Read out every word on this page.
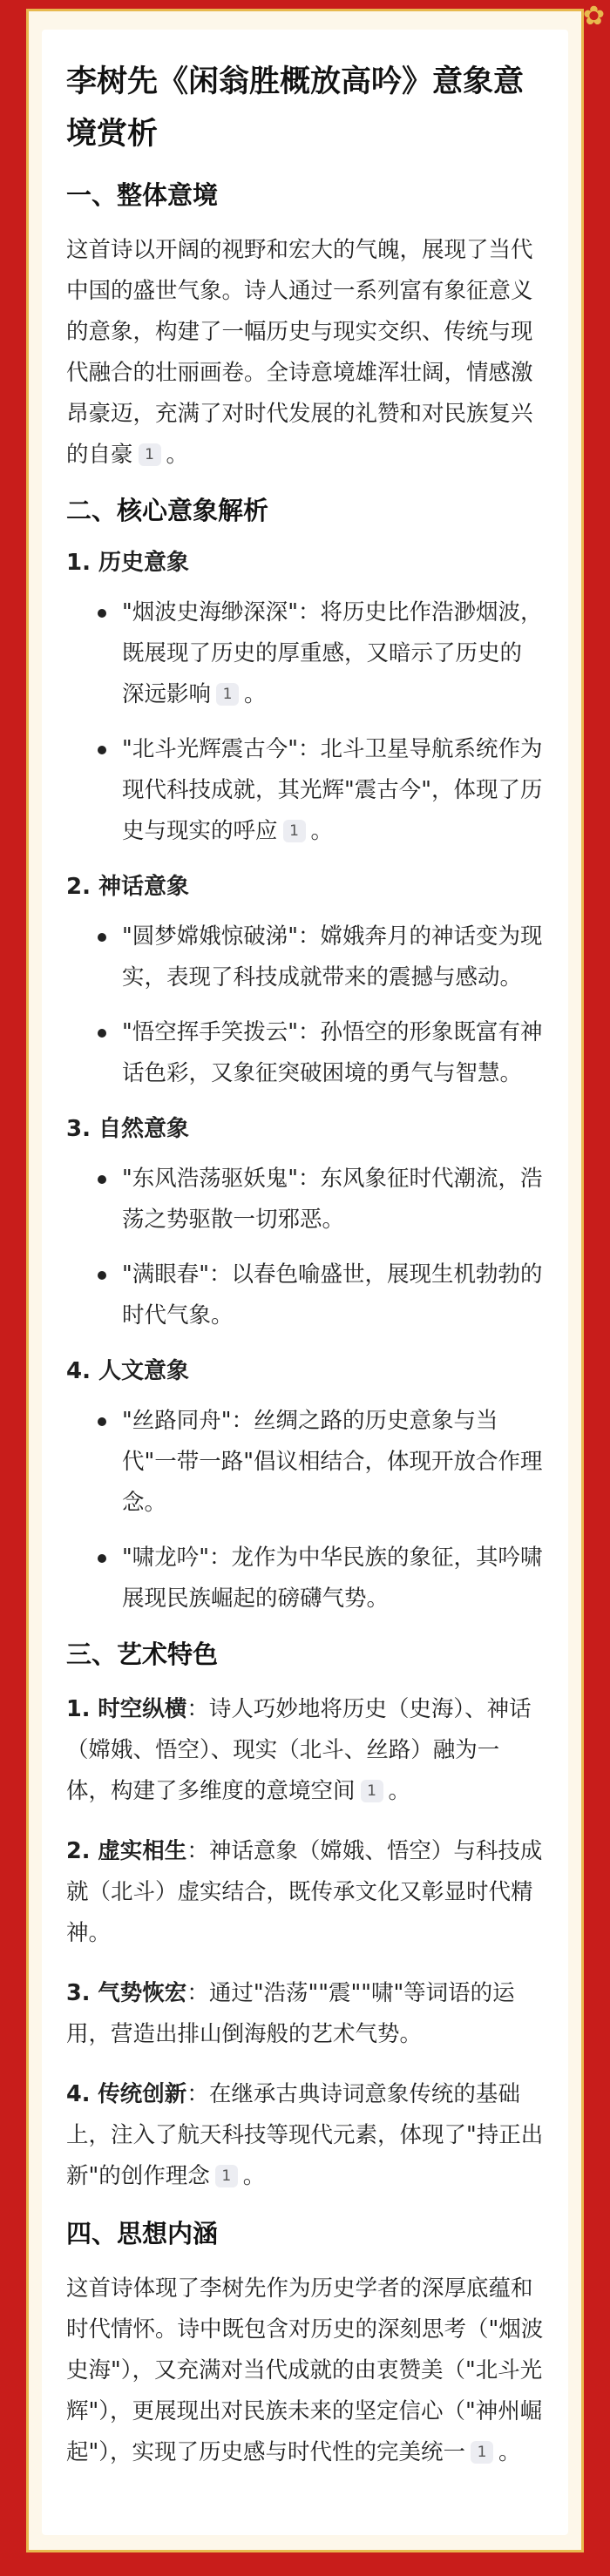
✿
李树先《闲翁胜概放高吟》意象意境赏析
一、整体意境

这首诗以开阔的视野和宏大的气魄，展现了当代中国的盛世气象。诗人通过一系列富有象征意义的意象，构建了一幅历史与现实交织、传统与现代融合的壮丽画卷。全诗意境雄浑壮阔，情感激昂豪迈，充满了对时代发展的礼赞和对民族复兴的自豪 1 。

二、核心意象解析
1. 历史意象
"烟波史海缈深深"：将历史比作浩渺烟波，既展现了历史的厚重感，又暗示了历史的深远影响 1 。
"北斗光辉震古今"：北斗卫星导航系统作为现代科技成就，其光辉"震古今"，体现了历史与现实的呼应 1 。
2. 神话意象
"圆梦嫦娥惊破涕"：嫦娥奔月的神话变为现实，表现了科技成就带来的震撼与感动。
"悟空挥手笑拨云"：孙悟空的形象既富有神话色彩，又象征突破困境的勇气与智慧。
3. 自然意象
"东风浩荡驱妖鬼"：东风象征时代潮流，浩荡之势驱散一切邪恶。
"满眼春"：以春色喻盛世，展现生机勃勃的时代气象。
4. 人文意象
"丝路同舟"：丝绸之路的历史意象与当代"一带一路"倡议相结合，体现开放合作理念。
"啸龙吟"：龙作为中华民族的象征，其吟啸展现民族崛起的磅礴气势。
三、艺术特色
1. 时空纵横：诗人巧妙地将历史（史海）、神话（嫦娥、悟空）、现实（北斗、丝路）融为一体，构建了多维度的意境空间 1 。
2. 虚实相生：神话意象（嫦娥、悟空）与科技成就（北斗）虚实结合，既传承文化又彰显时代精神。
3. 气势恢宏：通过"浩荡""震""啸"等词语的运用，营造出排山倒海般的艺术气势。
4. 传统创新：在继承古典诗词意象传统的基础上，注入了航天科技等现代元素，体现了"持正出新"的创作理念 1 。
四、思想内涵

这首诗体现了李树先作为历史学者的深厚底蕴和时代情怀。诗中既包含对历史的深刻思考（"烟波史海"），又充满对当代成就的由衷赞美（"北斗光辉"），更展现出对民族未来的坚定信心（"神州崛起"），实现了历史感与时代性的完美统一 1 。
